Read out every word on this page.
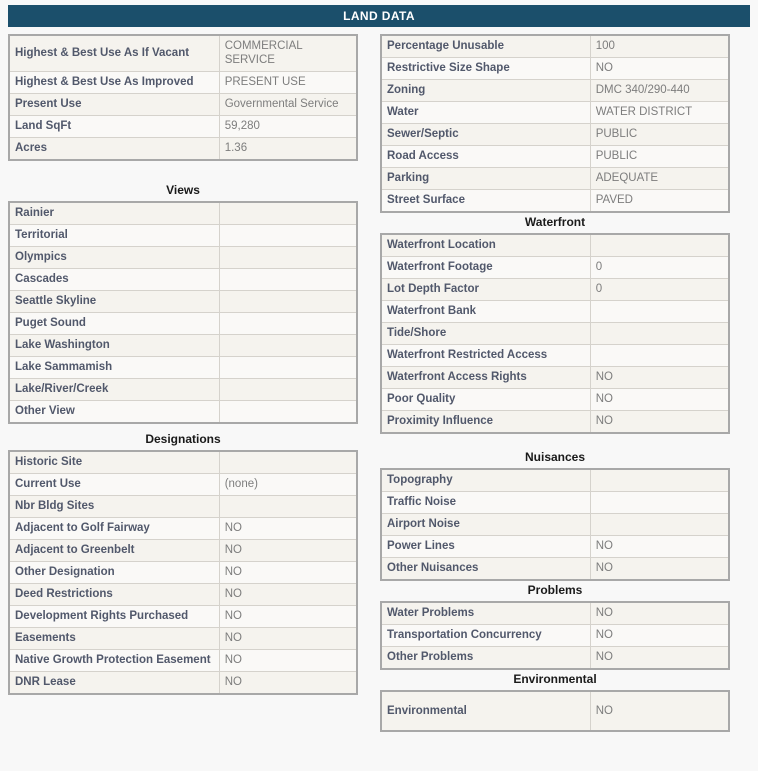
LAND DATA
Highest & Best Use As If Vacant	COMMERCIAL SERVICE
Highest & Best Use As Improved	PRESENT USE
Present Use	Governmental Service
Land SqFt	59,280
Acres	1.36
Views
Rainier	
Territorial	
Olympics	
Cascades	
Seattle Skyline	
Puget Sound	
Lake Washington	
Lake Sammamish	
Lake/River/Creek	
Other View	
Designations
Historic Site	
Current Use	(none)
Nbr Bldg Sites	
Adjacent to Golf Fairway	NO
Adjacent to Greenbelt	NO
Other Designation	NO
Deed Restrictions	NO
Development Rights Purchased	NO
Easements	NO
Native Growth Protection Easement	NO
DNR Lease	NO
Percentage Unusable	100
Restrictive Size Shape	NO
Zoning	DMC 340/290-440
Water	WATER DISTRICT
Sewer/Septic	PUBLIC
Road Access	PUBLIC
Parking	ADEQUATE
Street Surface	PAVED
Waterfront
Waterfront Location	
Waterfront Footage	0
Lot Depth Factor	0
Waterfront Bank	
Tide/Shore	
Waterfront Restricted Access	
Waterfront Access Rights	NO
Poor Quality	NO
Proximity Influence	NO
Nuisances
Topography	
Traffic Noise	
Airport Noise	
Power Lines	NO
Other Nuisances	NO
Problems
Water Problems	NO
Transportation Concurrency	NO
Other Problems	NO
Environmental
Environmental	NO
